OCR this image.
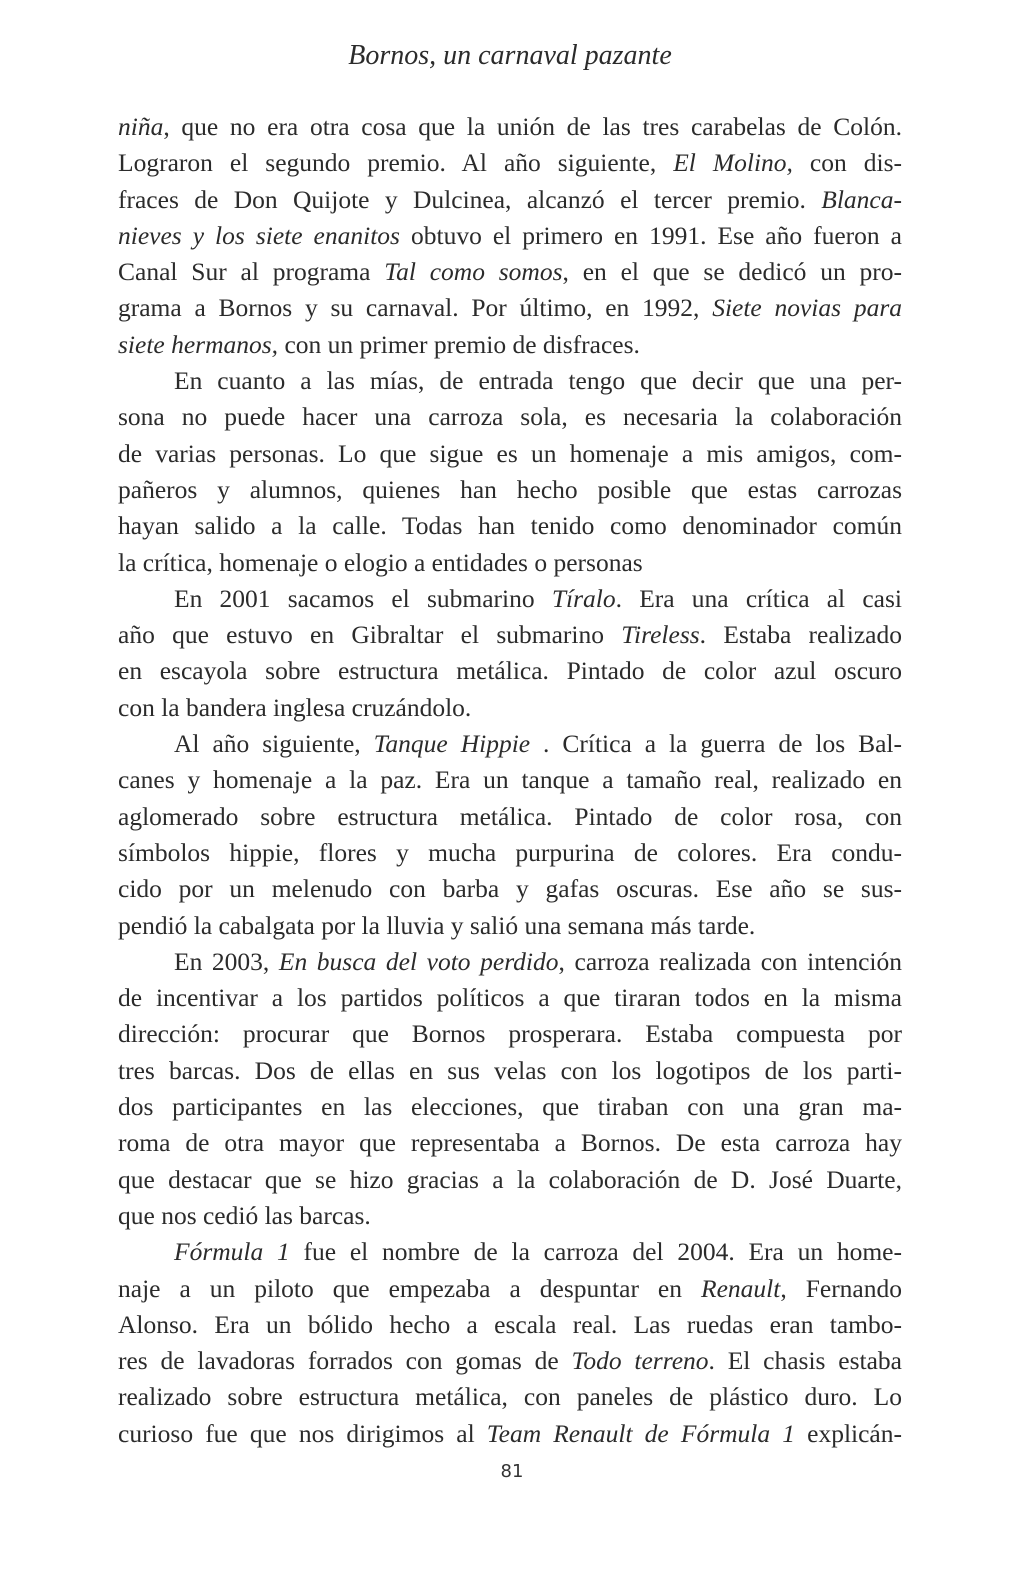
Bornos, un carnaval pazante
niña, que no era otra cosa que la unión de las tres carabelas de Colón.
Lograron el segundo premio. Al año siguiente, El Molino, con dis-
fraces de Don Quijote y Dulcinea, alcanzó el tercer premio. Blanca-
nieves y los siete enanitos obtuvo el primero en 1991. Ese año fueron a
Canal Sur al programa Tal como somos, en el que se dedicó un pro-
grama a Bornos y su carnaval. Por último, en 1992, Siete novias para
siete hermanos, con un primer premio de disfraces.
En cuanto a las mías, de entrada tengo que decir que una per-
sona no puede hacer una carroza sola, es necesaria la colaboración
de varias personas. Lo que sigue es un homenaje a mis amigos, com-
pañeros y alumnos, quienes han hecho posible que estas carrozas
hayan salido a la calle. Todas han tenido como denominador común
la crítica, homenaje o elogio a entidades o personas
En 2001 sacamos el submarino Tíralo. Era una crítica al casi
año que estuvo en Gibraltar el submarino Tireless. Estaba realizado
en escayola sobre estructura metálica. Pintado de color azul oscuro
con la bandera inglesa cruzándolo.
Al año siguiente, Tanque Hippie . Crítica a la guerra de los Bal-
canes y homenaje a la paz. Era un tanque a tamaño real, realizado en
aglomerado sobre estructura metálica. Pintado de color rosa, con
símbolos hippie, flores y mucha purpurina de colores. Era condu-
cido por un melenudo con barba y gafas oscuras. Ese año se sus-
pendió la cabalgata por la lluvia y salió una semana más tarde.
En 2003, En busca del voto perdido, carroza realizada con intención
de incentivar a los partidos políticos a que tiraran todos en la misma
dirección: procurar que Bornos prosperara. Estaba compuesta por
tres barcas. Dos de ellas en sus velas con los logotipos de los parti-
dos participantes en las elecciones, que tiraban con una gran ma-
roma de otra mayor que representaba a Bornos. De esta carroza hay
que destacar que se hizo gracias a la colaboración de D. José Duarte,
que nos cedió las barcas.
Fórmula 1 fue el nombre de la carroza del 2004. Era un home-
naje a un piloto que empezaba a despuntar en Renault, Fernando
Alonso. Era un bólido hecho a escala real. Las ruedas eran tambo-
res de lavadoras forrados con gomas de Todo terreno. El chasis estaba
realizado sobre estructura metálica, con paneles de plástico duro. Lo
curioso fue que nos dirigimos al Team Renault de Fórmula 1 explicán-
81
